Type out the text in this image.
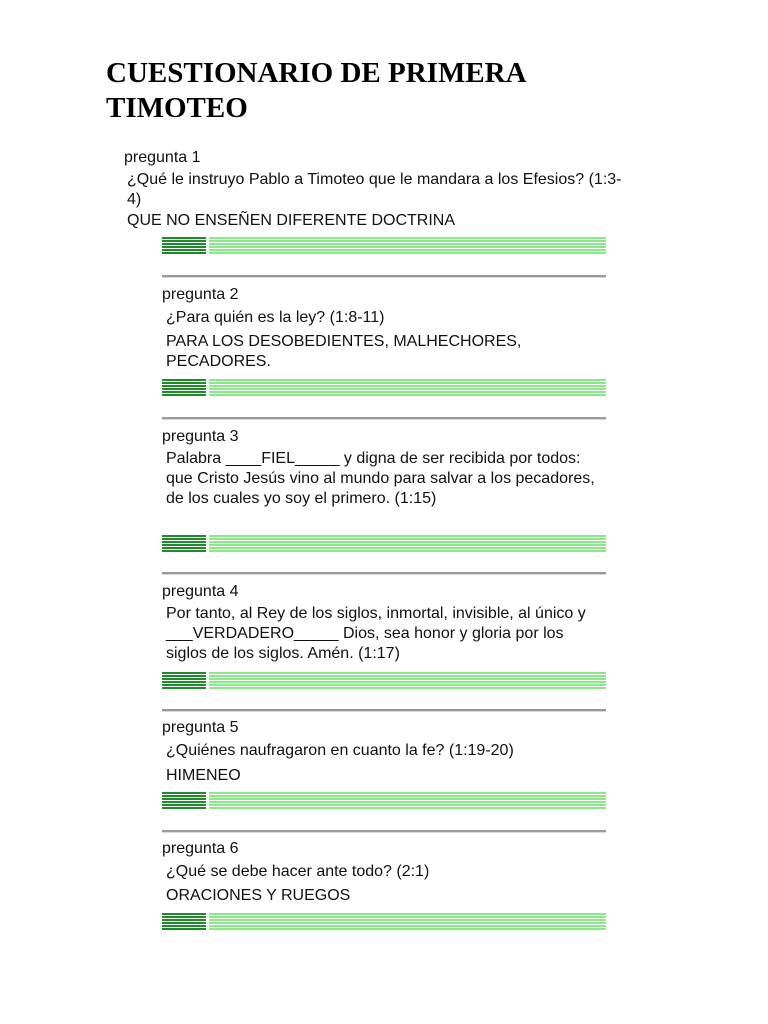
CUESTIONARIO DE PRIMERA TIMOTEO
pregunta 1
¿Qué le instruyo Pablo a Timoteo que le mandara a los Efesios? (1:3-4)
QUE NO ENSEÑEN DIFERENTE DOCTRINA
pregunta 2
¿Para quién es la ley? (1:8-11)
PARA LOS DESOBEDIENTES, MALHECHORES, PECADORES.
pregunta 3
Palabra ____FIEL_____ y digna de ser recibida por todos: que Cristo Jesús vino al mundo para salvar a los pecadores, de los cuales yo soy el primero. (1:15)
pregunta 4
Por tanto, al Rey de los siglos, inmortal, invisible, al único y ___VERDADERO_____ Dios, sea honor y gloria por los siglos de los siglos. Amén. (1:17)
pregunta 5
¿Quiénes naufragaron en cuanto la fe? (1:19-20)
HIMENEO
pregunta 6
¿Qué se debe hacer ante todo? (2:1)
ORACIONES Y RUEGOS
